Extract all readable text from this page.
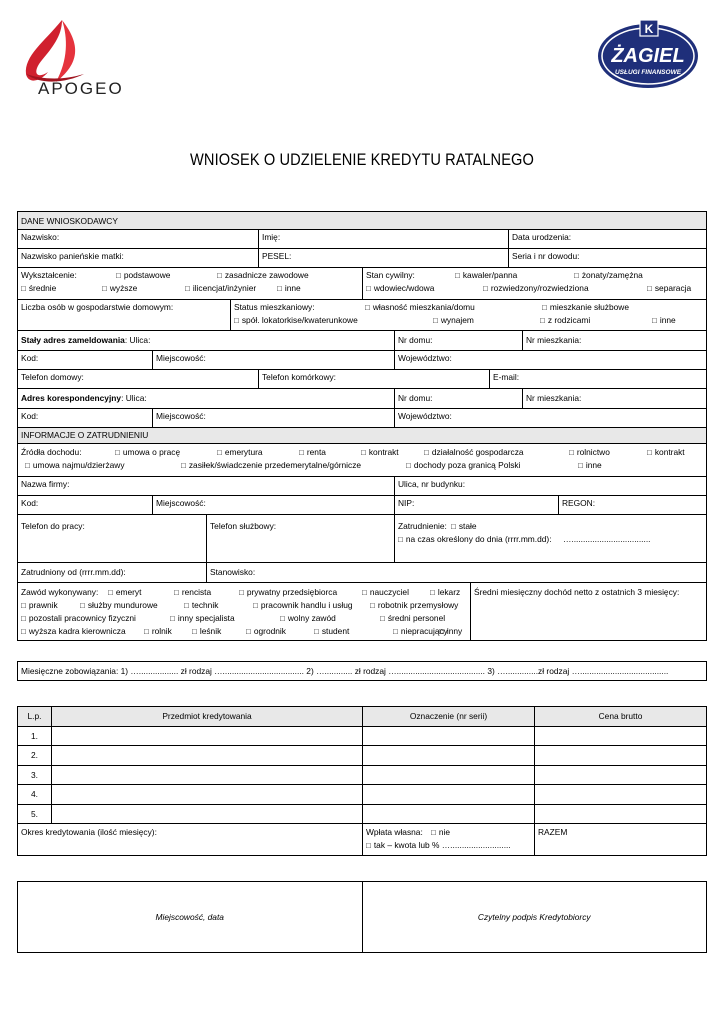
APOGEO
K
ŻAGIEL
USŁUGI FINANSOWE
WNIOSEK O UDZIELENIE KREDYTU RATALNEGO
DANE WNIOSKODAWCY
Nazwisko:	Imię:	Data urodzenia:
Nazwisko panieńskie matki:	PESEL:	Seria i nr dowodu:
Wykształcenie:	□ podstawowe	□ zasadnicze zawodowe
□ średnie	□ wyższe	□ ilicencjat/inżynier	□ inne
Stan cywilny:	□ kawaler/panna	□ żonaty/zamężna
□ wdowiec/wdowa	□ rozwiedzony/rozwiedziona	□ separacja
Liczba osób w gospodarstwie domowym:	Status mieszkaniowy:	□ własność mieszkania/domu	□ mieszkanie służbowe
□ spół. lokatorkise/kwaterunkowe	□ wynajem	□ z rodzicami	□ inne
Stały adres zameldowania: Ulica:	Nr domu:	Nr mieszkania:
Kod:	Miejscowość:	Województwo:
Telefon domowy:	Telefon komórkowy:	E-mail:
Adres korespondencyjny: Ulica:	Nr domu:	Nr mieszkania:
Kod:	Miejscowość:	Województwo:
INFORMACJE O ZATRUDNIENIU
Źródła dochodu:	□ umowa o pracę	□ emerytura	□ renta	□ kontrakt	□ działalność gospodarcza	□ rolnictwo	□ kontrakt
□ umowa najmu/dzierżawy	□ zasiłek/świadczenie przedemerytalne/górnicze	□ dochody poza granicą Polski	□ inne
Nazwa firmy:	Ulica, nr budynku:
Kod:	Miejscowość:	NIP:	REGON:
Telefon do pracy:	Telefon służbowy:	Zatrudnienie:	□ stałe
□ na czas określony do dnia (rrrr.mm.dd): …..................................
Zatrudniony od (rrrr.mm.dd):	Stanowisko:
Zawód wykonywany:	□ emeryt	□ rencista	□ prywatny przedsiębiorca	□ nauczyciel	□ lekarz
□ prawnik	□ służby mundurowe	□ technik	□ pracownik handlu i usług	□ robotnik przemysłowy
□ pozostali pracownicy fizyczni	□ inny specjalista	□ wolny zawód	□ średni personel
□ wyższa kadra kierownicza	□ rolnik	□ leśnik	□ ogrodnik	□ student	□ niepracujący
□ inny
Średni miesięczny dochód netto z ostatnich 3 miesięcy:
Miesięczne zobowiązania: 1) …................. zł rodzaj …................................... 2) …............ zł rodzaj …...................................... 3) …..............zł rodzaj …......................................
L.p.	Przedmiot kredytowania	Oznaczenie (nr serii)	Cena brutto
1.			
2.			
3.			
4.			
5.			
Okres kredytowania (ilość miesięcy):		Wpłata własna: □ nie
□ tak – kwota lub % …..........................	RAZEM
Miejscowość, data	Czytelny podpis Kredytobiorcy
